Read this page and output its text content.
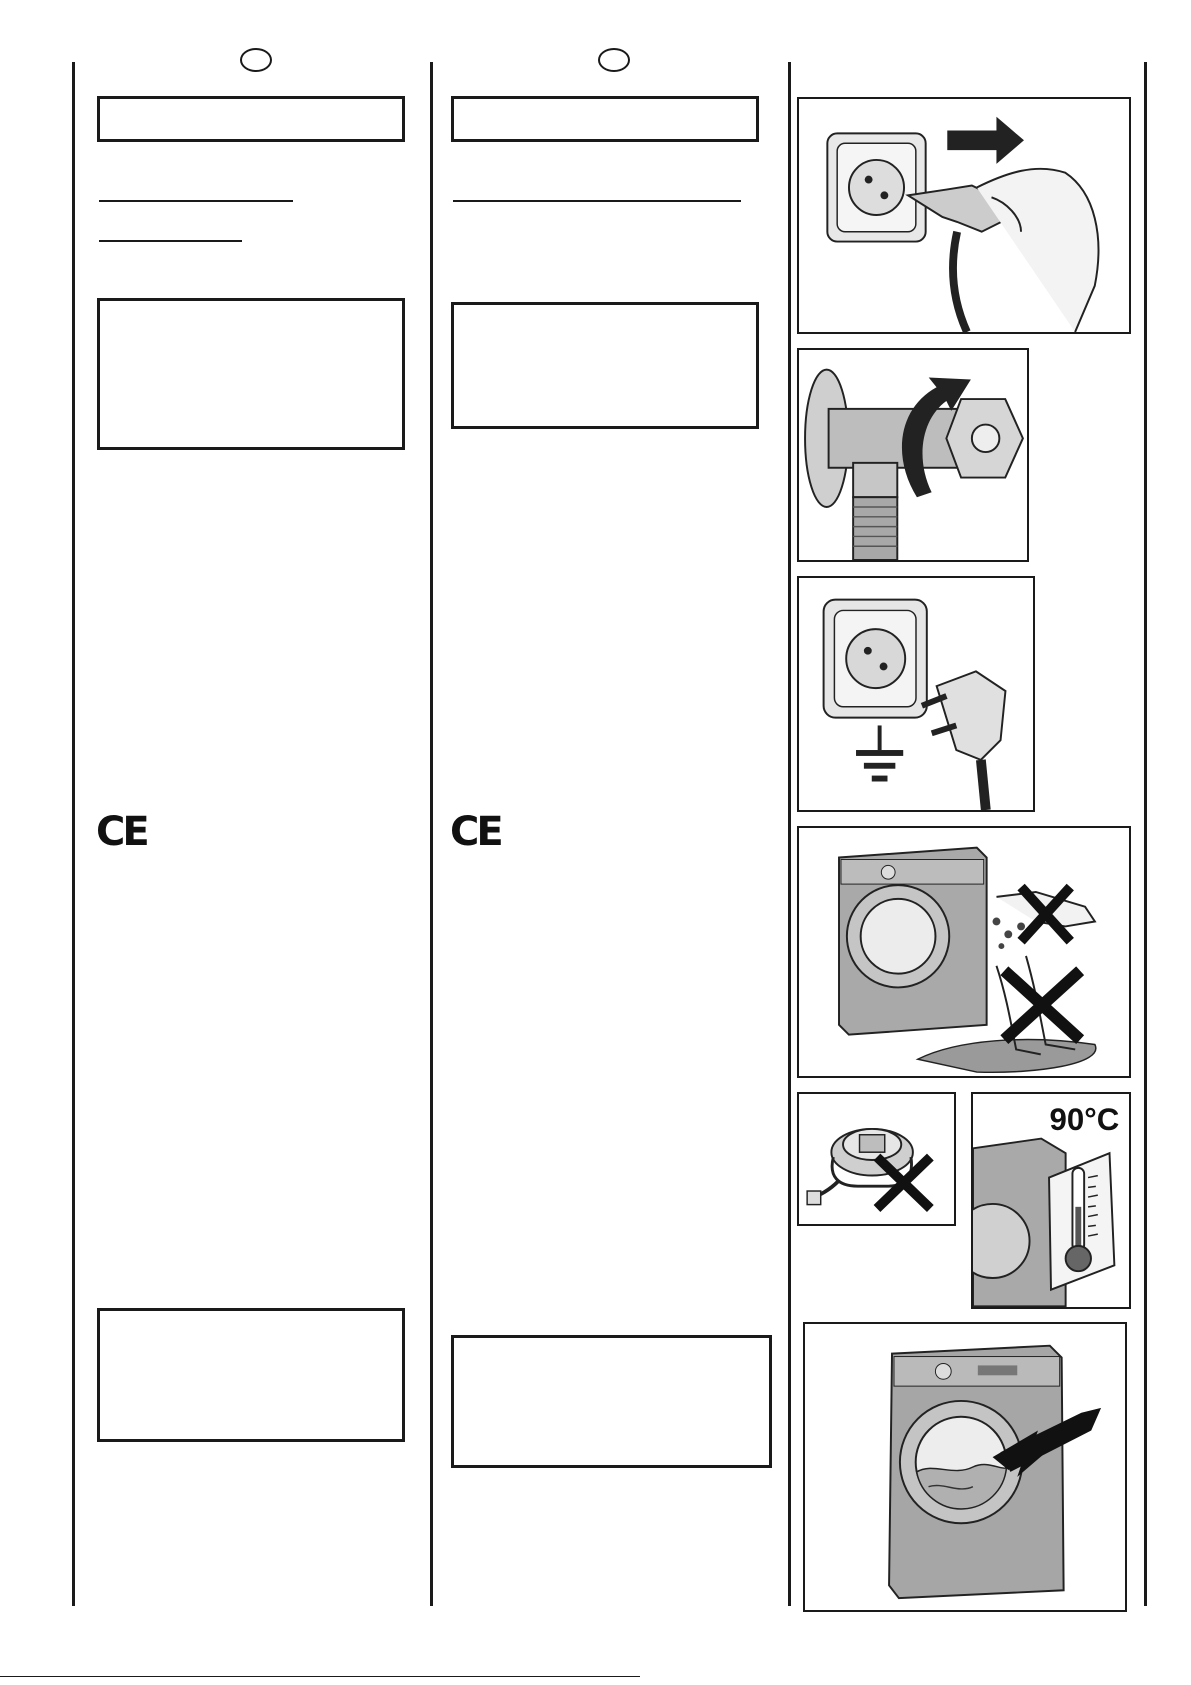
CE	CE
90°C
